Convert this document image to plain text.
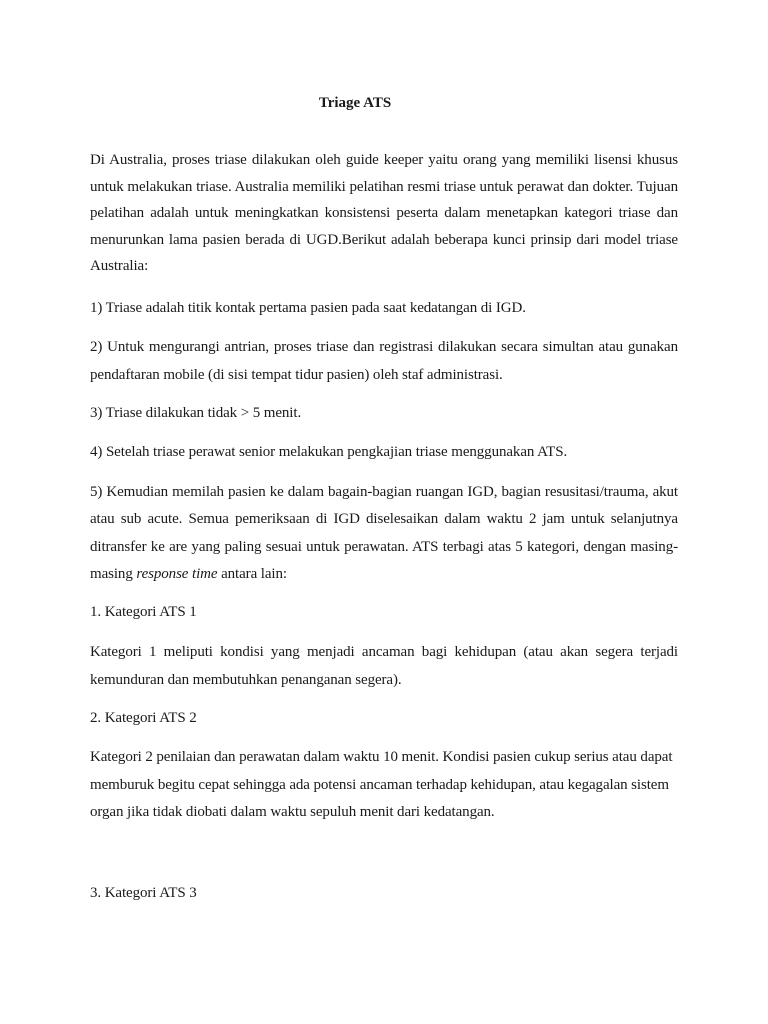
Triage ATS

Di Australia, proses triase dilakukan oleh guide keeper yaitu orang yang memiliki lisensi khusus untuk melakukan triase. Australia memiliki pelatihan resmi triase untuk perawat dan dokter. Tujuan pelatihan adalah untuk meningkatkan konsistensi peserta dalam menetapkan kategori triase dan menurunkan lama pasien berada di UGD.Berikut adalah beberapa kunci prinsip dari model triase Australia:

1) Triase adalah titik kontak pertama pasien pada saat kedatangan di IGD.

2) Untuk mengurangi antrian, proses triase dan registrasi dilakukan secara simultan atau gunakan pendaftaran mobile (di sisi tempat tidur pasien) oleh staf administrasi.

3) Triase dilakukan tidak > 5 menit.

4) Setelah triase perawat senior melakukan pengkajian triase menggunakan ATS.

5) Kemudian memilah pasien ke dalam bagain-bagian ruangan IGD, bagian resusitasi/trauma, akut atau sub acute. Semua pemeriksaan di IGD diselesaikan dalam waktu 2 jam untuk selanjutnya ditransfer ke are yang paling sesuai untuk perawatan. ATS terbagi atas 5 kategori, dengan masing-masing response time antara lain:

1. Kategori ATS 1

Kategori 1 meliputi kondisi yang menjadi ancaman bagi kehidupan (atau akan segera terjadi kemunduran dan membutuhkan penanganan segera).

2. Kategori ATS 2

Kategori 2 penilaian dan perawatan dalam waktu 10 menit. Kondisi pasien cukup serius atau dapat memburuk begitu cepat sehingga ada potensi ancaman terhadap kehidupan, atau kegagalan sistem organ jika tidak diobati dalam waktu sepuluh menit dari kedatangan.

3. Kategori ATS 3
